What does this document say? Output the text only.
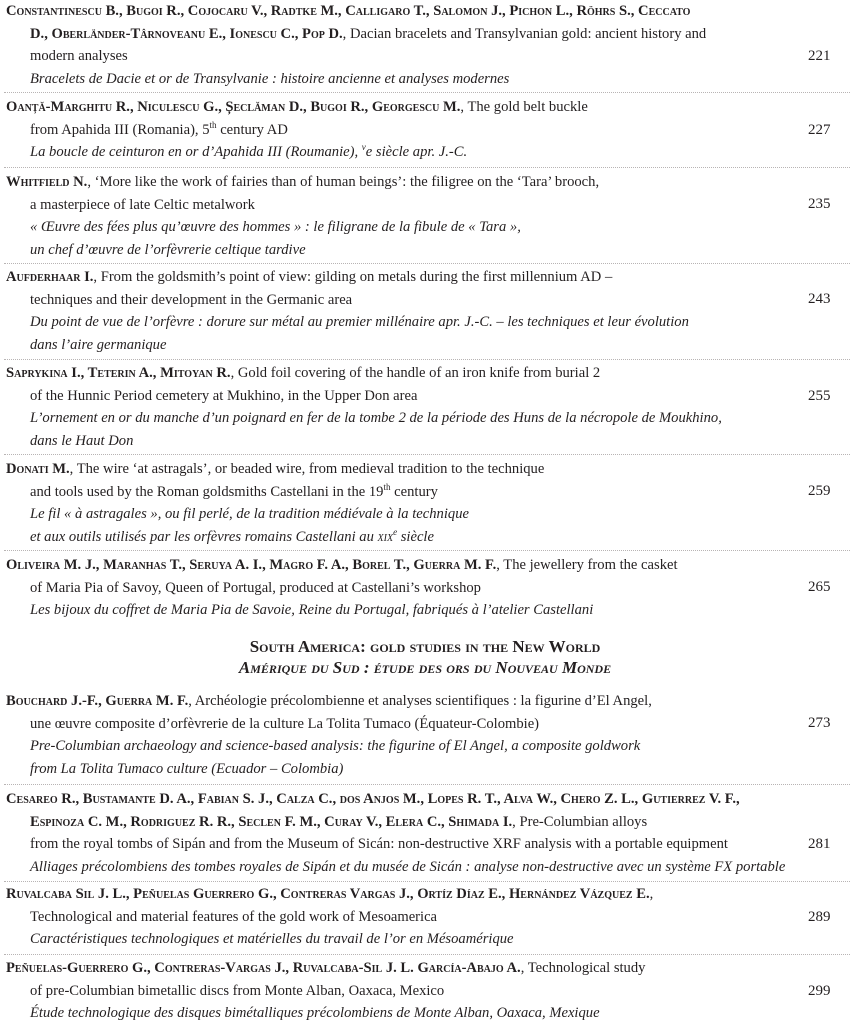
Constantinescu B., Bugoi R., Cojocaru V., Radtke M., Calligaro T., Salomon J., Pichon L., Röhrs S., Ceccato
D., Oberländer-Târnoveanu E., Ionescu C., Pop D., Dacian bracelets and Transylvanian gold: ancient history and
modern analyses
Bracelets de Dacie et or de Transylvanie : histoire ancienne et analyses modernes
221
Oanță-Marghitu R., Niculescu G., Șeclăman D., Bugoi R., Georgescu M., The gold belt buckle
from Apahida III (Romania), 5th century AD
La boucle de ceinturon en or d’Apahida III (Roumanie), $^v$e siècle apr. J.-C.
227
Whitfield N., ‘More like the work of fairies than of human beings’: the filigree on the ‘Tara’ brooch,
a masterpiece of late Celtic metalwork
« Œuvre des fées plus qu’œuvre des hommes » : le filigrane de la fibule de « Tara »,
un chef d’œuvre de l’orfèvrerie celtique tardive
235
Aufderhaar I., From the goldsmith’s point of view: gilding on metals during the first millennium AD –
techniques and their development in the Germanic area
Du point de vue de l’orfèvre : dorure sur métal au premier millénaire apr. J.-C. – les techniques et leur évolution
dans l’aire germanique
243
Saprykina I., Teterin A., Mitoyan R., Gold foil covering of the handle of an iron knife from burial 2
of the Hunnic Period cemetery at Mukhino, in the Upper Don area
L’ornement en or du manche d’un poignard en fer de la tombe 2 de la période des Huns de la nécropole de Moukhino,
dans le Haut Don
255
Donati M., The wire ‘at astragals’, or beaded wire, from medieval tradition to the technique
and tools used by the Roman goldsmiths Castellani in the 19th century
Le fil « à astragales », ou fil perlé, de la tradition médiévale à la technique
et aux outils utilisés par les orfèvres romains Castellani au xix$^e$ siècle
259
Oliveira M. J., Maranhas T., Seruya A. I., Magro F. A., Borel T., Guerra M. F., The jewellery from the casket
of Maria Pia of Savoy, Queen of Portugal, produced at Castellani’s workshop
Les bijoux du coffret de Maria Pia de Savoie, Reine du Portugal, fabriqués à l’atelier Castellani
265
South America: gold studies in the New World
Amérique du Sud : étude des ors du Nouveau Monde
Bouchard J.-F., Guerra M. F., Archéologie précolombienne et analyses scientifiques : la figurine d’El Angel,
une œuvre composite d’orfèvrerie de la culture La Tolita Tumaco (Équateur-Colombie)
Pre-Columbian archaeology and science-based analysis: the figurine of El Angel, a composite goldwork
from La Tolita Tumaco culture (Ecuador – Colombia)
273
Cesareo R., Bustamante D. A., Fabian S. J., Calza C., dos Anjos M., Lopes R. T., Alva W., Chero Z. L., Gutierrez V. F.,
Espinoza C. M., Rodriguez R. R., Seclen F. M., Curay V., Elera C., Shimada I., Pre-Columbian alloys
from the royal tombs of Sipán and from the Museum of Sicán: non-destructive XRF analysis with a portable equipment
Alliages précolombiens des tombes royales de Sipán et du musée de Sicán : analyse non-destructive avec un système FX portable
281
Ruvalcaba Sil J. L., Peñuelas Guerrero G., Contreras Vargas J., Ortíz Díaz E., Hernández Vázquez E.,
Technological and material features of the gold work of Mesoamerica
Caractéristiques technologiques et matérielles du travail de l’or en Mésoamérique
289
Peñuelas-Guerrero G., Contreras-Vargas J., Ruvalcaba-Sil J. L. García-Abajo A., Technological study
of pre-Columbian bimetallic discs from Monte Alban, Oaxaca, Mexico
Étude technologique des disques bimétalliques précolombiens de Monte Alban, Oaxaca, Mexique
299
